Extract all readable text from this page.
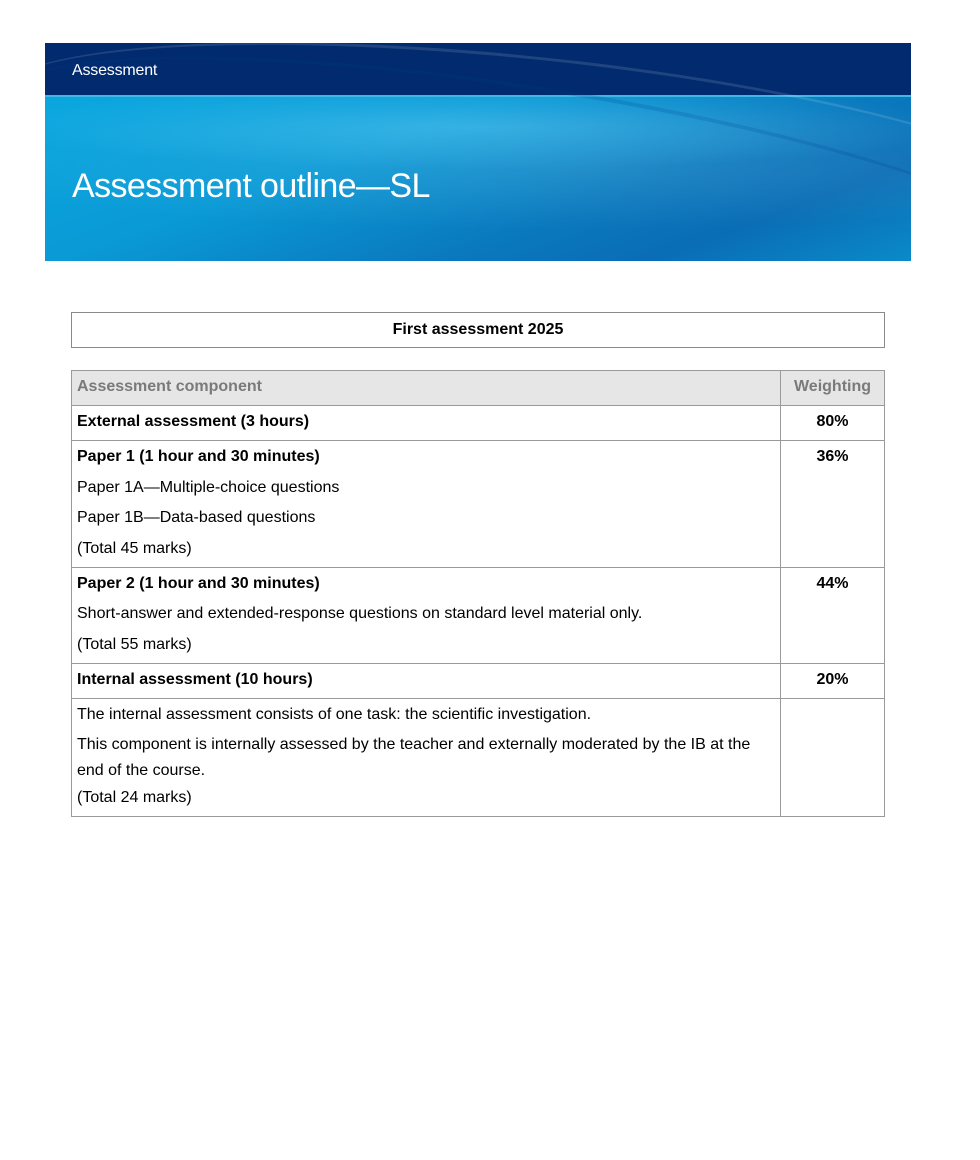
Assessment
Assessment outline—SL
First assessment 2025
Assessment component	Weighting
External assessment (3 hours)	80%

Paper 1 (1 hour and 30 minutes)
Paper 1A—Multiple-choice questions
Paper 1B—Data-based questions
(Total 45 marks)	36%

Paper 2 (1 hour and 30 minutes)
Short-answer and extended-response questions on standard level material only.
(Total 55 marks)	44%
Internal assessment (10 hours)	20%

The internal assessment consists of one task: the scientific investigation.
This component is internally assessed by the teacher and externally moderated by the IB at the end of the course.
(Total 24 marks)	
